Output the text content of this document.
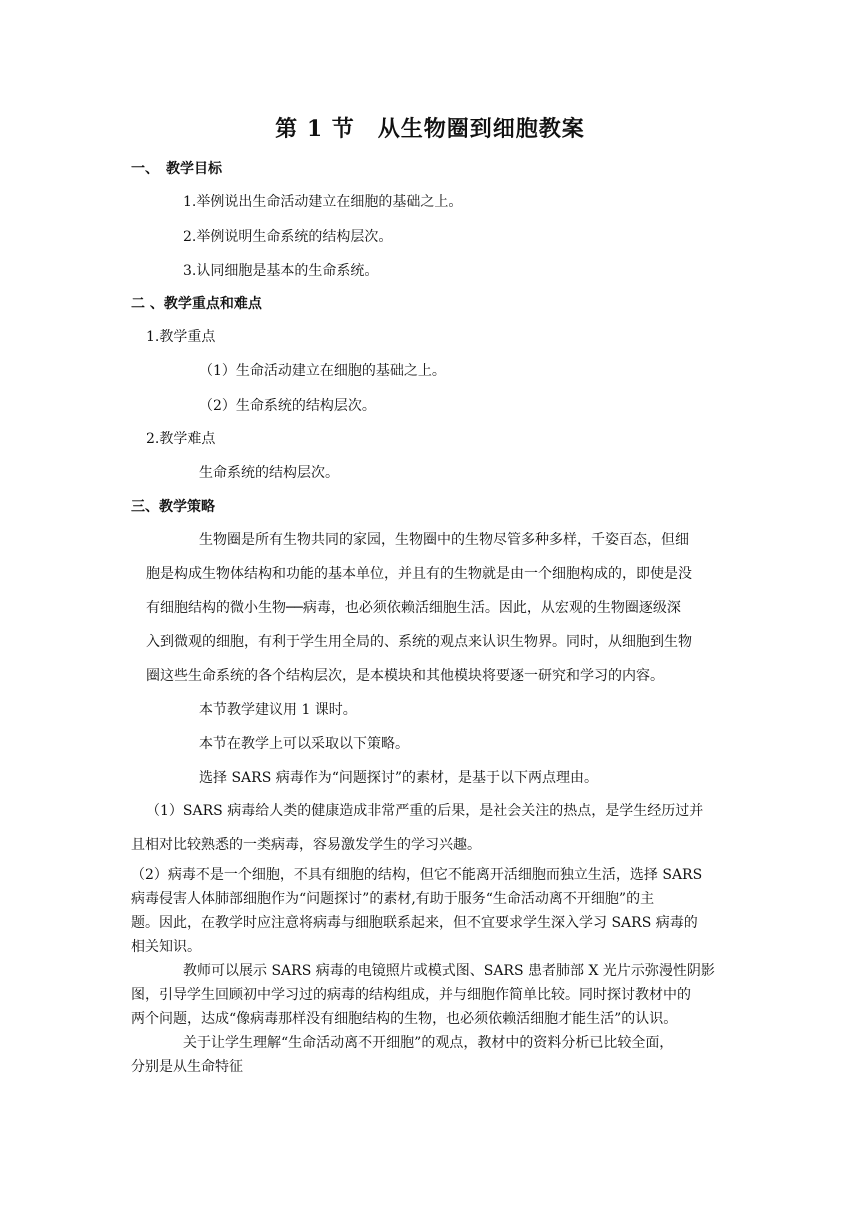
第 1 节　从生物圈到细胞教案
一、　教学目标
1.举例说出生命活动建立在细胞的基础之上。
2.举例说明生命系统的结构层次。
3.认同细胞是基本的生命系统。
二 、教学重点和难点
1.教学重点
（1）生命活动建立在细胞的基础之上。
（2）生命系统的结构层次。
2.教学难点
生命系统的结构层次。
三、教学策略
生物圈是所有生物共同的家园，生物圈中的生物尽管多种多样，千姿百态，但细
胞是构成生物体结构和功能的基本单位，并且有的生物就是由一个细胞构成的，即使是没
有细胞结构的微小生物──病毒，也必须依赖活细胞生活。因此，从宏观的生物圈逐级深
入到微观的细胞，有利于学生用全局的、系统的观点来认识生物界。同时，从细胞到生物
圈这些生命系统的各个结构层次，是本模块和其他模块将要逐一研究和学习的内容。
本节教学建议用 1 课时。
本节在教学上可以采取以下策略。
选择 SARS 病毒作为“问题探讨”的素材，是基于以下两点理由。
（1）SARS 病毒给人类的健康造成非常严重的后果，是社会关注的热点，是学生经历过并
且相对比较熟悉的一类病毒，容易激发学生的学习兴趣。
（2）病毒不是一个细胞，不具有细胞的结构，但它不能离开活细胞而独立生活，选择 SARS
病毒侵害人体肺部细胞作为“问题探讨”的素材,有助于服务“生命活动离不开细胞”的主
题。因此，在教学时应注意将病毒与细胞联系起来，但不宜要求学生深入学习 SARS 病毒的
相关知识。
教师可以展示 SARS 病毒的电镜照片或模式图、SARS 患者肺部 X 光片示弥漫性阴影
图，引导学生回顾初中学习过的病毒的结构组成，并与细胞作简单比较。同时探讨教材中的
两个问题，达成“像病毒那样没有细胞结构的生物，也必须依赖活细胞才能生活”的认识。
关于让学生理解“生命活动离不开细胞”的观点，教材中的资料分析已比较全面，
分别是从生命特征
